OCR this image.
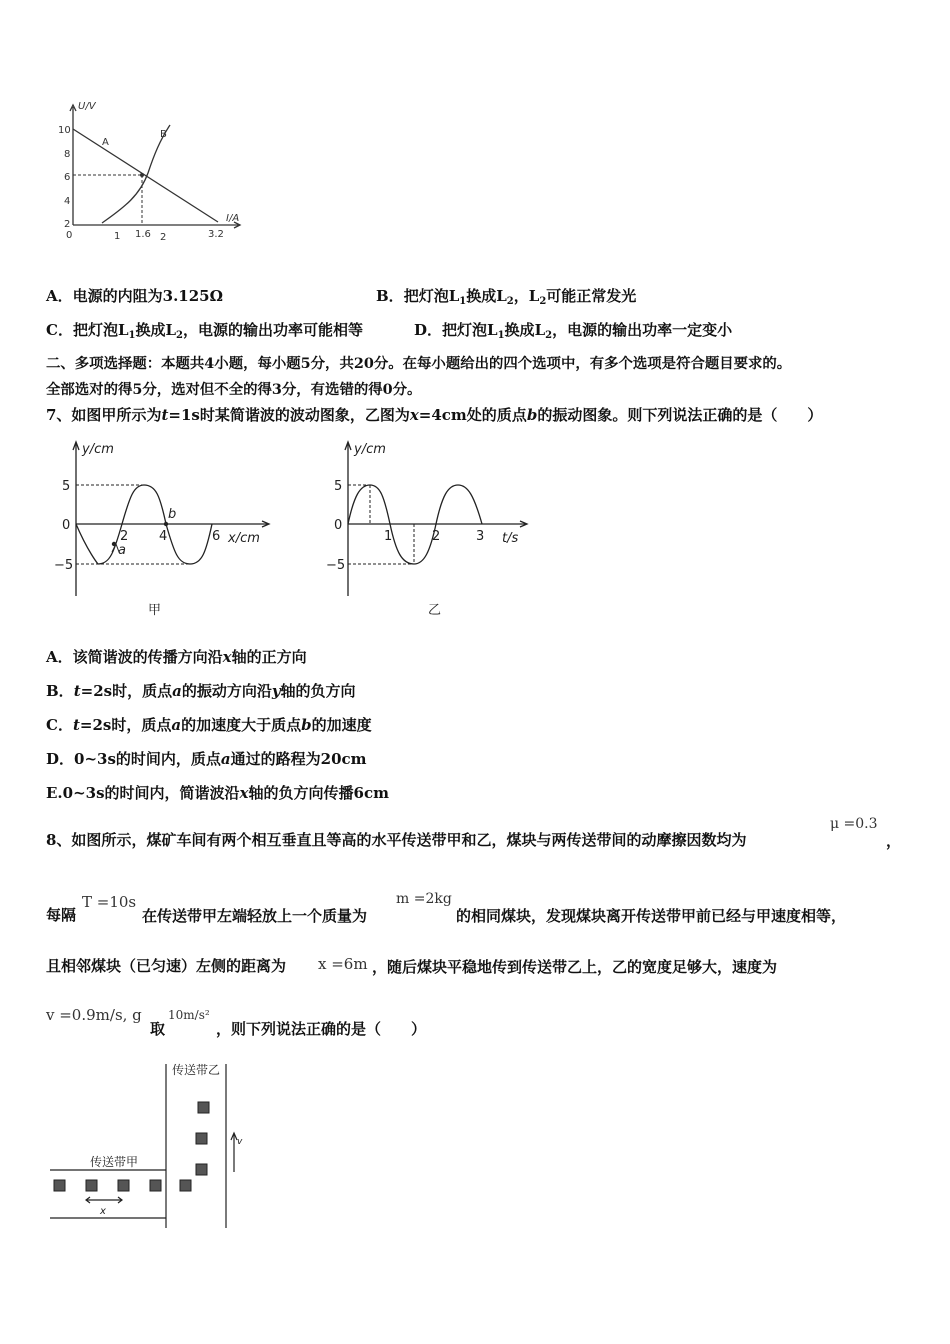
U/V
I/A
A
B
10
8
6
4
2
0	1 1.6 2	3.2
A．电源的内阻为3.125Ω	B．把灯泡$L_1$换成$L_2$，$L_2$可能正常发光
C．把灯泡$L_1$换成$L_2$，电源的输出功率可能相等	D．把灯泡$L_1$换成$L_2$，电源的输出功率一定变小
二、多项选择题：本题共4小题，每小题5分，共20分。在每小题给出的四个选项中，有多个选项是符合题目要求的。
全部选对的得5分，选对但不全的得3分，有选错的得0分。
7、如图甲所示为t=1s时某简谐波的波动图象，乙图为x=4cm处的质点b的振动图象。则下列说法正确的是（　　）
y/cm
x/cm
5
0
−5
2 4	6
a
b
甲
y/cm
t/s
5
0
−5
1	2	3
乙
A．该简谐波的传播方向沿x轴的正方向
B．t=2s时，质点a的振动方向沿y轴的负方向
C．t=2s时，质点a的加速度大于质点b的加速度
D．0~3s的时间内，质点a通过的路程为20cm
E.0~3s的时间内，简谐波沿x轴的负方向传播6cm
8、如图所示，煤矿车间有两个相互垂直且等高的水平传送带甲和乙，煤块与两传送带间的动摩擦因数均为
μ =0.3
，
每隔
T =10s
在传送带甲左端轻放上一个质量为
m =2kg
的相同煤块，发现煤块离开传送带甲前已经与甲速度相等，
且相邻煤块（已匀速）左侧的距离为 x =6m ，随后煤块平稳地传到传送带乙上，乙的宽度足够大，速度为
v =0.9m/s, g
取
10m/s²
，则下列说法正确的是（　　）
传送带乙
传送带甲
x
v
